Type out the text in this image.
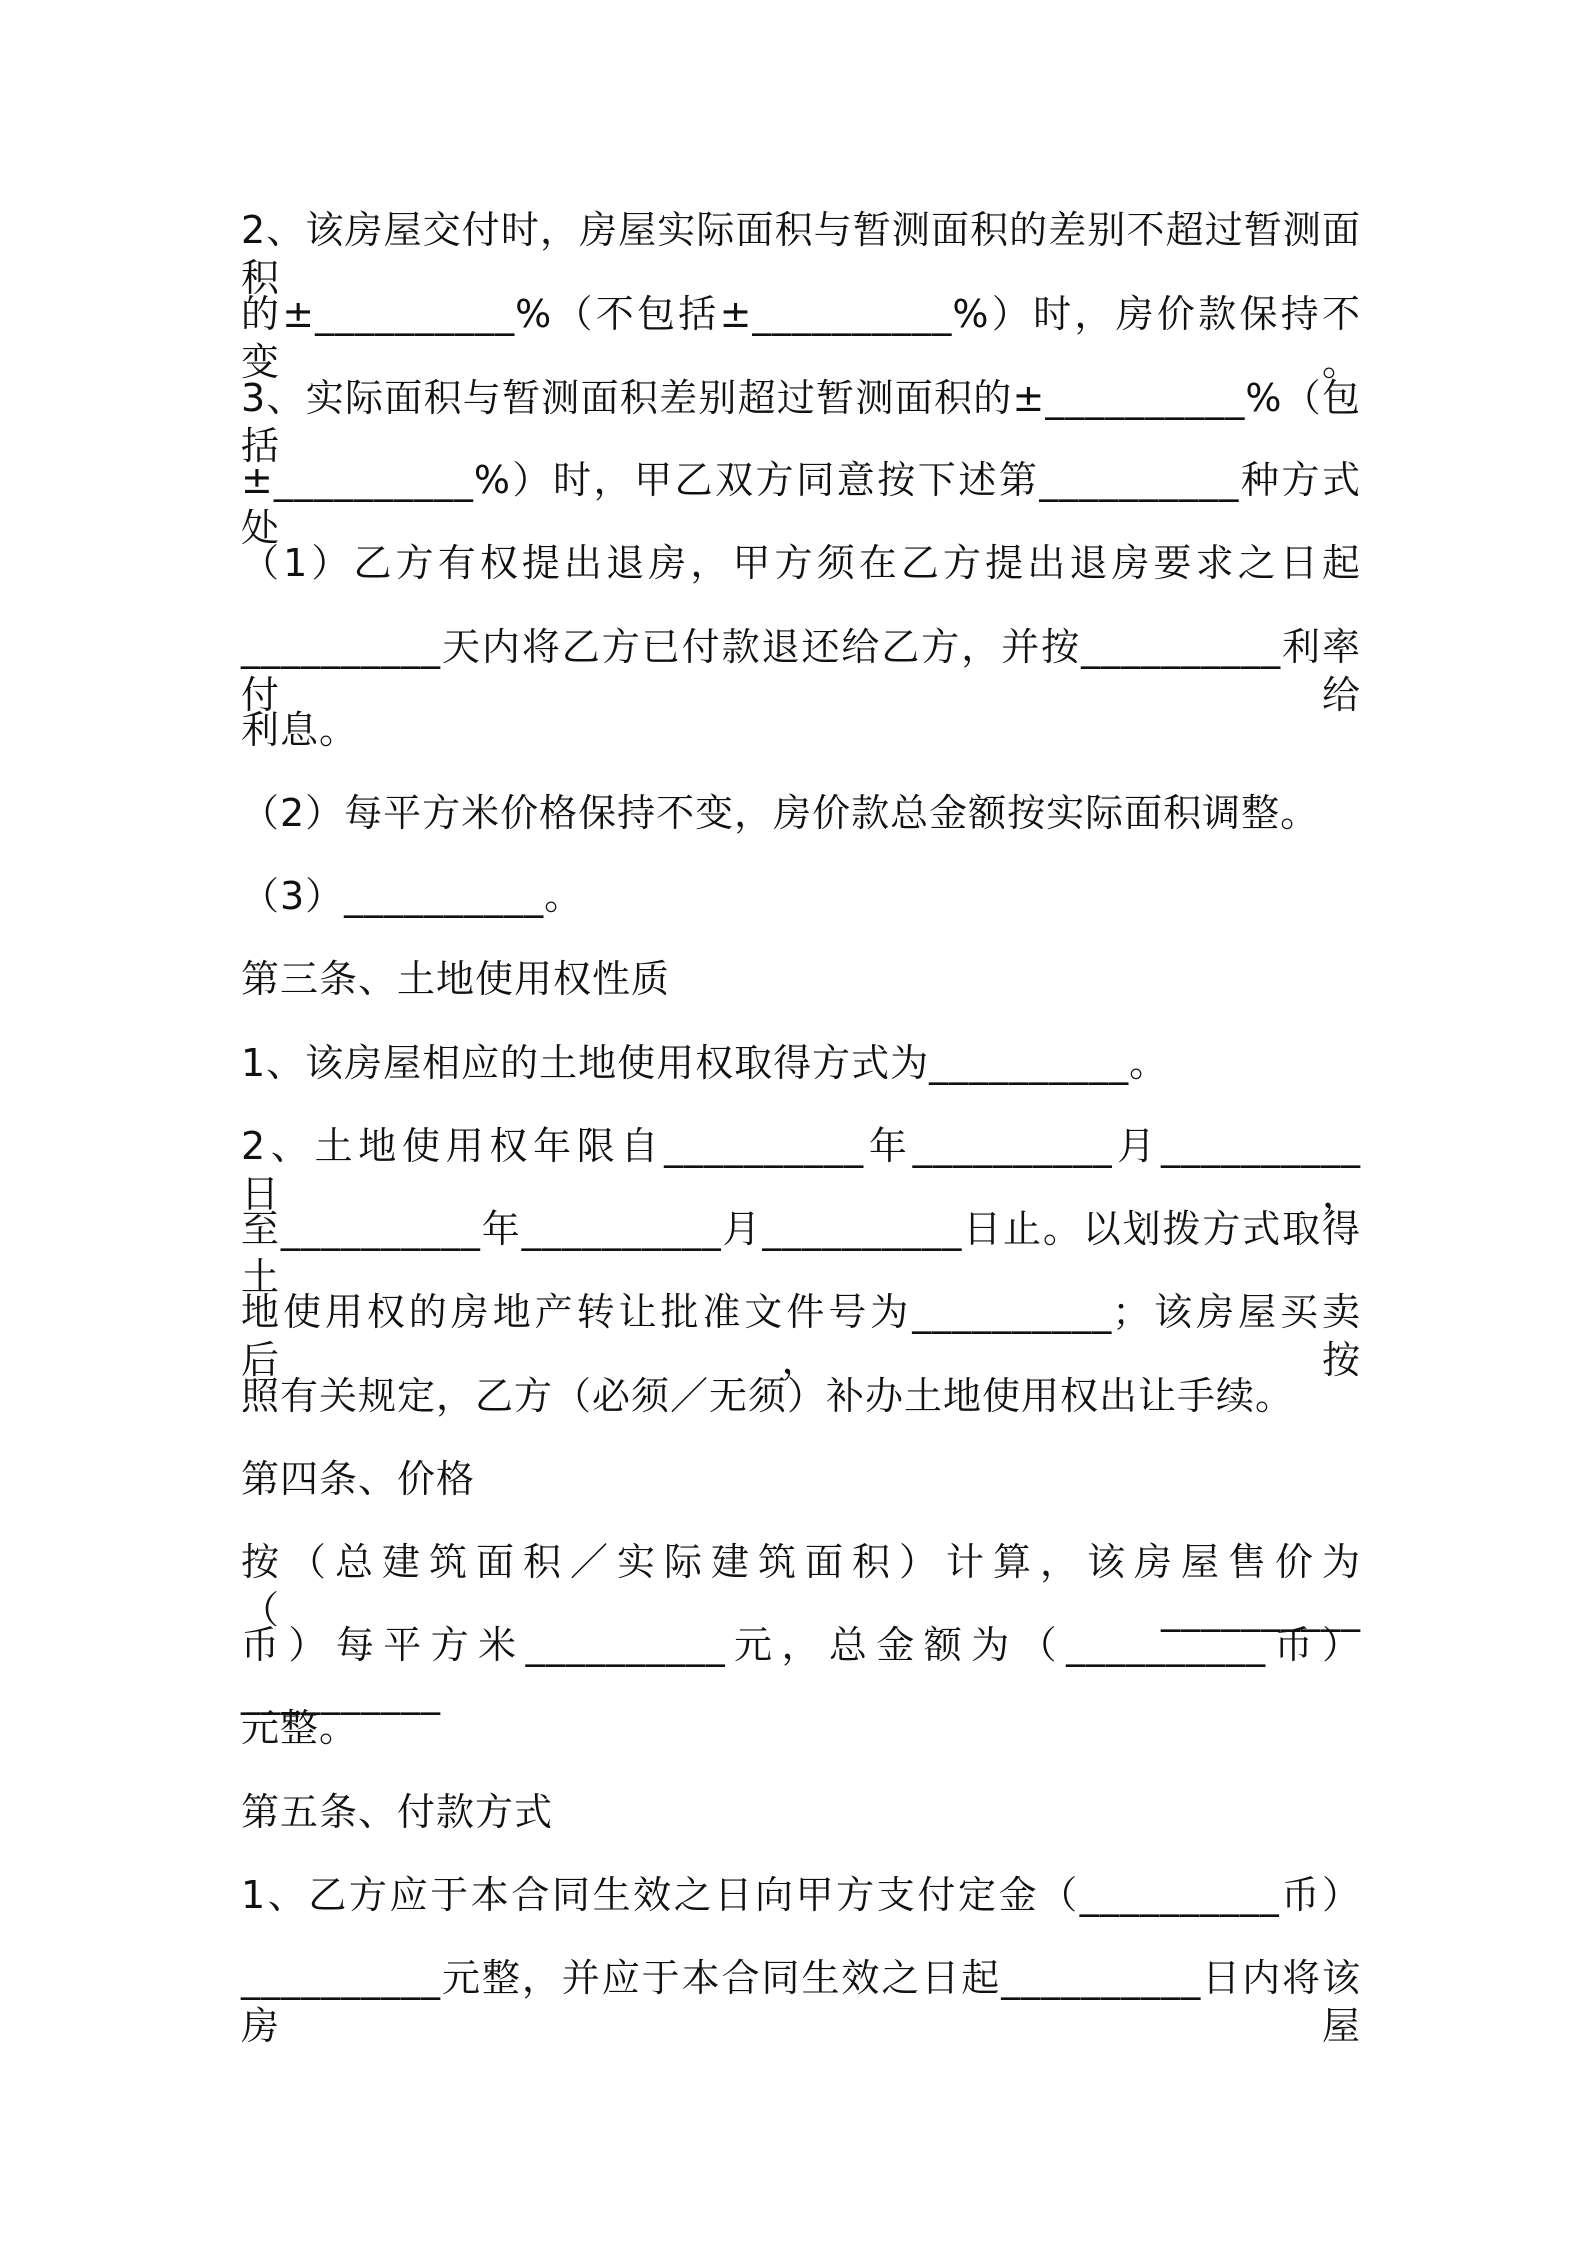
2、该房屋交付时，房屋实际面积与暂测面积的差别不超过暂测面积
的±__________%（不包括±__________%）时，房价款保持不变。
3、实际面积与暂测面积差别超过暂测面积的±__________%（包括
±__________%）时，甲乙双方同意按下述第__________种方式处
（1）乙方有权提出退房，甲方须在乙方提出退房要求之日起
__________天内将乙方已付款退还给乙方，并按__________利率付给
利息。
（2）每平方米价格保持不变，房价款总金额按实际面积调整。
（3）__________。
第三条、土地使用权性质
1、该房屋相应的土地使用权取得方式为__________。
2、土地使用权年限自__________年__________月__________日，
至__________年__________月__________日止。以划拨方式取得土
地使用权的房地产转让批准文件号为__________；该房屋买卖后，按
照有关规定，乙方（必须／无须）补办土地使用权出让手续。
第四条、价格
按（总建筑面积／实际建筑面积）计算，该房屋售价为（__________
币）每平方米__________元，总金额为（__________币）__________
元整。
第五条、付款方式
1、乙方应于本合同生效之日向甲方支付定金（__________币）
__________元整，并应于本合同生效之日起__________日内将该房屋
